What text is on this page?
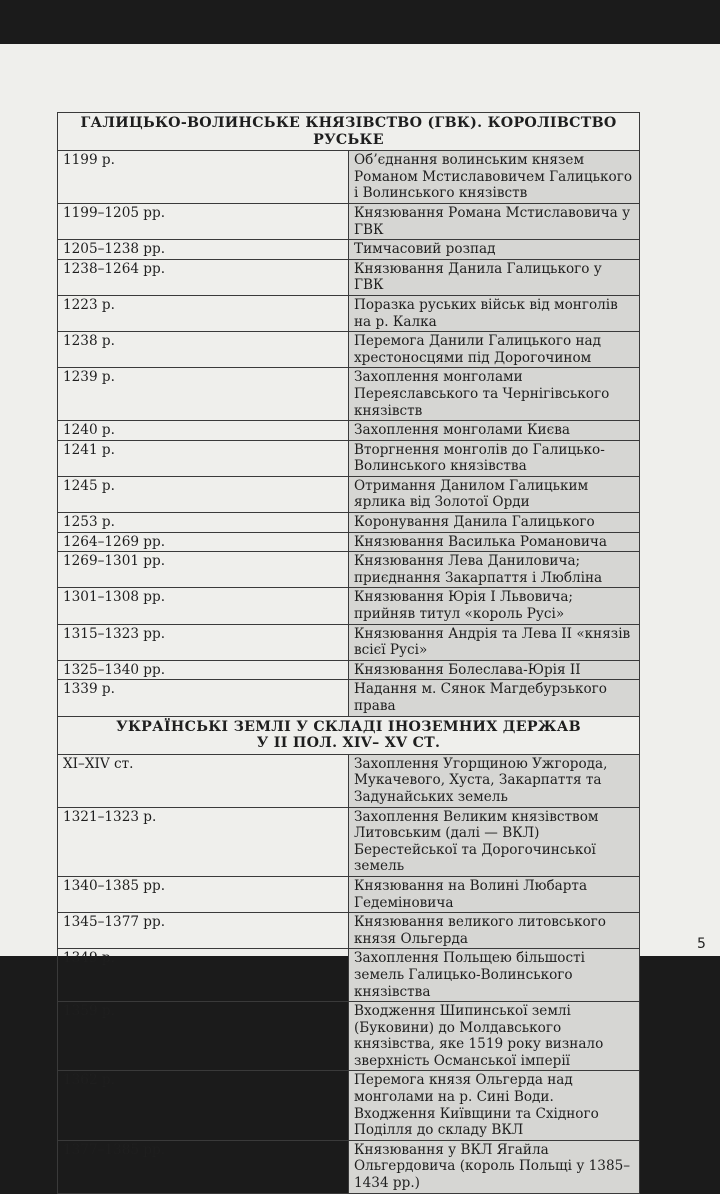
ГАЛИЦЬКО-ВОЛИНСЬКЕ КНЯЗІВСТВО (ГВК). КОРОЛІВСТВО РУСЬКЕ	

1199 р.	Об’єднання волинським князем Романом Мстиславовичем Галицького і Волинського князівств
1199–1205 рр.	Князювання Романа Мстиславовича у ГВК
1205–1238 рр.	Тимчасовий розпад
1238–1264 рр.	Князювання Данила Галицького у ГВК
1223 р.	Поразка руських військ від монголів на р. Калка
1238 р.	Перемога Данили Галицького над хрестоносцями під Дорогочином
1239 р.	Захоплення монголами Переяславського та Чернігівського князівств
1240 р.	Захоплення монголами Києва
1241 р.	Вторгнення монголів до Галицько-Волинського князівства
1245 р.	Отримання Данилом Галицьким ярлика від Золотої Орди
1253 р.	Коронування Данила Галицького
1264–1269 рр.	Князювання Василька Романовича
1269–1301 рр.	Князювання Лева Даниловича; приєднання Закарпаття і Любліна
1301–1308 рр.	Князювання Юрія I Львовича; прийняв титул «король Русі»
1315–1323 рр.	Князювання Андрія та Лева II «князів всієї Русі»
1325–1340 рр.	Князювання Болеслава-Юрія II
1339 р.	Надання м. Сянок Магдебурзького права

УКРАЇНСЬКІ ЗЕМЛІ У СКЛАДІ ІНОЗЕМНИХ ДЕРЖАВ
У II ПОЛ. XIV– XV СТ.	

XI–XIV ст.	Захоплення Угорщиною Ужгорода, Мукачевого, Хуста, Закарпаття та Задунайських земель
1321–1323 р.	Захоплення Великим князівством Литовським (далі — ВКЛ) Берестейської та Дорогочинської земель
1340–1385 рр.	Князювання на Волині Любарта Гедеміновича
1345–1377 рр.	Князювання великого литовського князя Ольгерда
1349 р.	Захоплення Польщею більшості земель Галицько-Волинського князівства
1359 р.	Входження Шипинської землі (Буковини) до Молдавського князівства, яке 1519 року визнало зверхність Османської імперії
1362 р.	Перемога князя Ольгерда над монголами на р. Сині Води. Входження Київщини та Східного Поділля до складу ВКЛ
1377–1385 рр.	Князювання у ВКЛ Ягайла Ольгердовича (король Польщі у 1385–1434 рр.)
5
